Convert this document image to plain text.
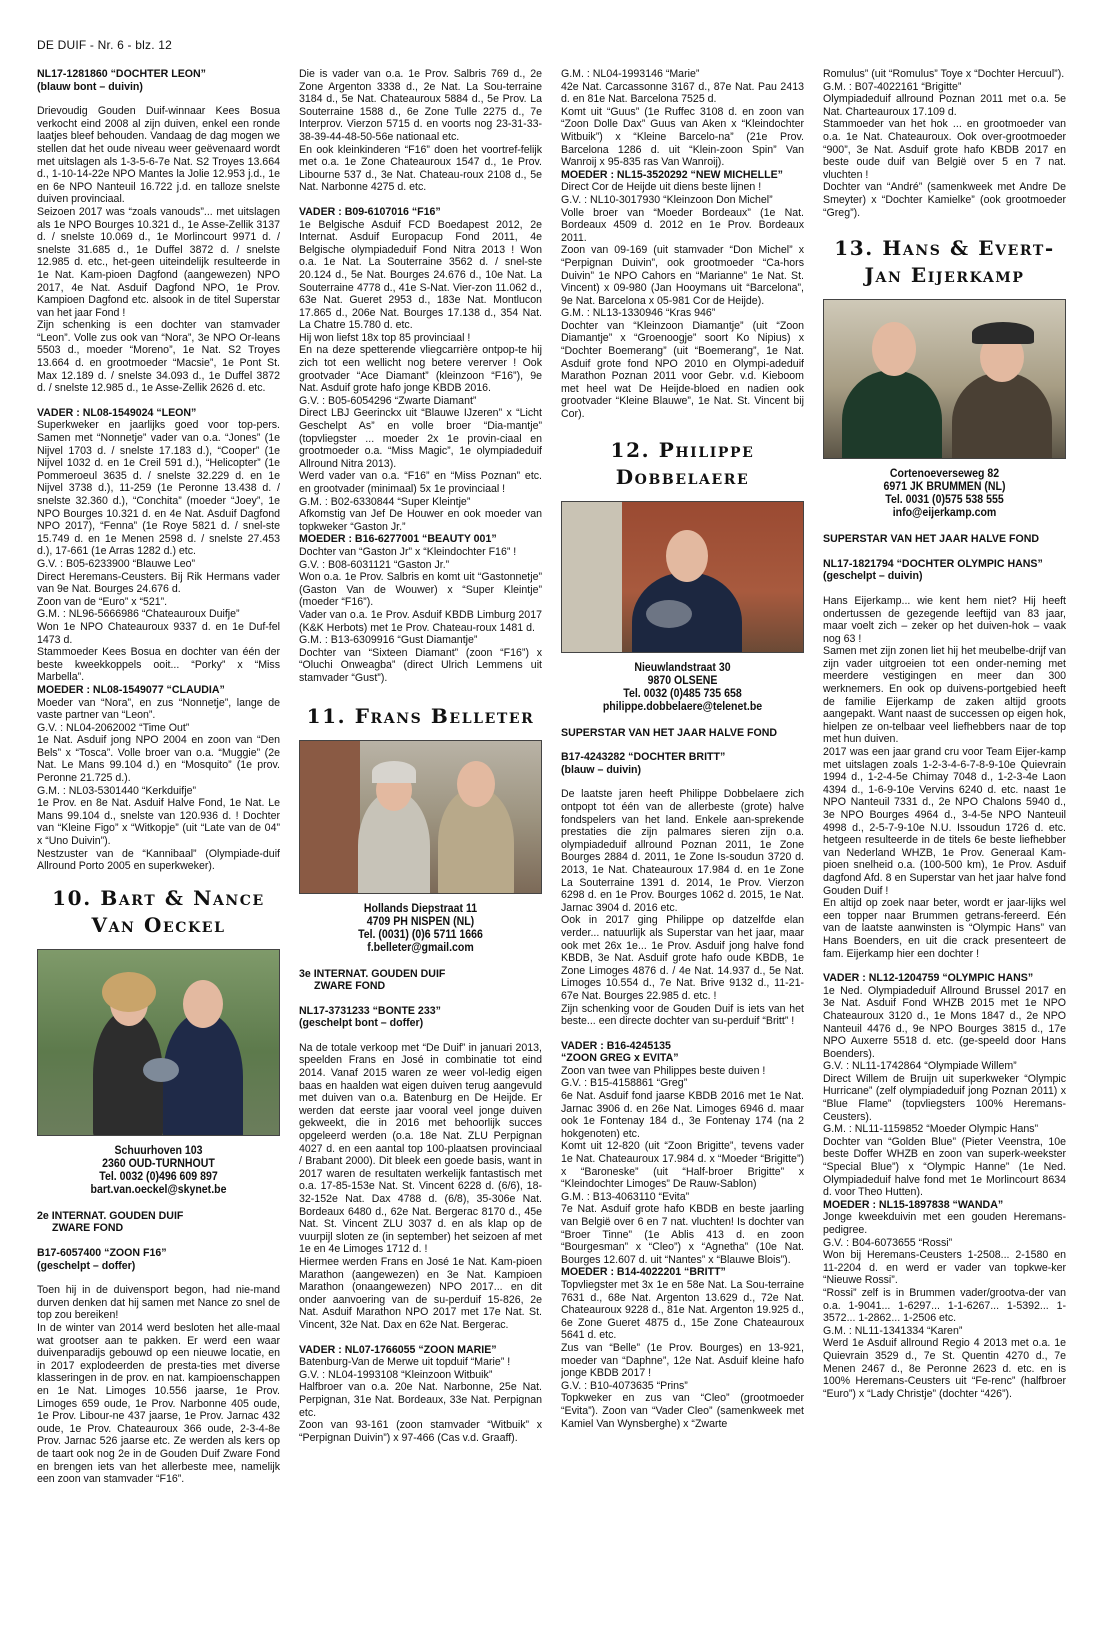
DE DUIF - Nr. 6 - blz. 12

NL17-1281860 “DOCHTER LEON”

(blauw bont – duivin)

Drievoudig Gouden Duif-winnaar Kees Bosua verkocht eind 2008 al zijn duiven, enkel een ronde laatjes bleef behouden. Vandaag de dag mogen we stellen dat het oude niveau weer geëvenaard wordt met uitslagen als 1-3-5-6-7e Nat. S2 Troyes 13.664 d., 1-10-14-22e NPO Mantes la Jolie 12.953 j.d., 1e en 6e NPO Nanteuil 16.722 j.d. en talloze snelste duiven provinciaal.

Seizoen 2017 was “zoals vanouds”... met uitslagen als 1e NPO Bourges 10.321 d., 1e Asse-Zellik 3137 d. / snelste 10.069 d., 1e Morlincourt 9971 d. / snelste 31.685 d., 1e Duffel 3872 d. / snelste 12.985 d. etc., het-geen uiteindelijk resulteerde in 1e Nat. Kam-pioen Dagfond (aangewezen) NPO 2017, 4e Nat. Asduif Dagfond NPO, 1e Prov. Kampioen Dagfond etc. alsook in de titel Superstar van het jaar Fond !

Zijn schenking is een dochter van stamvader “Leon”. Volle zus ook van “Nora”, 3e NPO Or-leans 5503 d., moeder “Moreno”, 1e Nat. S2 Troyes 13.664 d. en grootmoeder “Macsie”, 1e Pont St. Max 12.189 d. / snelste 34.093 d., 1e Duffel 3872 d. / snelste 12.985 d., 1e Asse-Zellik 2626 d. etc.

VADER : NL08-1549024 “LEON”

Superkweker en jaarlijks goed voor top-pers. Samen met “Nonnetje” vader van o.a. “Jones” (1e Nijvel 1703 d. / snelste 17.183 d.), “Cooper” (1e Nijvel 1032 d. en 1e Creil 591 d.), “Helicopter” (1e Pommeroeul 3635 d. / snelste 32.229 d. en 1e Nijvel 3738 d.), 11-259 (1e Peronne 13.438 d. / snelste 32.360 d.), “Conchita” (moeder “Joey”, 1e NPO Bourges 10.321 d. en 4e Nat. Asduif Dagfond NPO 2017), “Fenna” (1e Roye 5821 d. / snel-ste 15.749 d. en 1e Menen 2598 d. / snelste 27.453 d.), 17-661 (1e Arras 1282 d.) etc.

G.V. : B05-6233900 “Blauwe Leo”

Direct Heremans-Ceusters. Bij Rik Hermans vader van 9e Nat. Bourges 24.676 d.

Zoon van de “Euro” x “521”.

G.M. : NL96-5666986 “Chateauroux Duifje”

Won 1e NPO Chateauroux 9337 d. en 1e Duf-fel 1473 d.

Stammoeder Kees Bosua en dochter van één der beste kweekkoppels ooit... “Porky” x “Miss Marbella”.

MOEDER : NL08-1549077 “CLAUDIA”

Moeder van “Nora”, en zus “Nonnetje”, lange de vaste partner van “Leon”.

G.V. : NL04-2062002 “Time Out”

1e Nat. Asduif jong NPO 2004 en zoon van “Den Bels” x “Tosca”. Volle broer van o.a. “Muggie” (2e Nat. Le Mans 99.104 d.) en “Mosquito” (1e prov. Peronne 21.725 d.).

G.M. : NL03-5301440 “Kerkduifje”

1e Prov. en 8e Nat. Asduif Halve Fond, 1e Nat. Le Mans 99.104 d., snelste van 120.936 d. ! Dochter van “Kleine Figo” x “Witkopje” (uit “Late van de 04” x “Uno Duivin”).

Nestzuster van de “Kannibaal” (Olympiade-duif Allround Porto 2005 en superkweker).

10. Bart & Nance
Van Oeckel
Schuurhoven 103
2360 OUD-TURNHOUT
Tel. 0032 (0)496 609 897
bart.van.oeckel@skynet.be

2e INTERNAT. GOUDEN DUIF

ZWARE FOND

B17-6057400 “ZOON F16”

(geschelpt – doffer)

Toen hij in de duivensport begon, had nie-mand durven denken dat hij samen met Nance zo snel de top zou bereiken!

In de winter van 2014 werd besloten het alle-maal wat grootser aan te pakken. Er werd een waar duivenparadijs gebouwd op een nieuwe locatie, en in 2017 explodeerden de presta-ties met diverse klasseringen in de prov. en nat. kampioenschappen en 1e Nat. Limoges 10.556 jaarse, 1e Prov. Limoges 659 oude, 1e Prov. Narbonne 405 oude, 1e Prov. Libour-ne 437 jaarse, 1e Prov. Jarnac 432 oude, 1e Prov. Chateauroux 366 oude, 2-3-4-8e Prov. Jarnac 526 jaarse etc. Ze werden als kers op de taart ook nog 2e in de Gouden Duif Zware Fond en brengen iets van het allerbeste mee, namelijk een zoon van stamvader “F16”.

Die is vader van o.a. 1e Prov. Salbris 769 d., 2e Zone Argenton 3338 d., 2e Nat. La Sou-terraine 3184 d., 5e Nat. Chateauroux 5884 d., 5e Prov. La Souterraine 1588 d., 6e Zone Tulle 2275 d., 7e Interprov. Vierzon 5715 d. en voorts nog 23-31-33-38-39-44-48-50-56e nationaal etc.

En ook kleinkinderen “F16” doen het voortref-felijk met o.a. 1e Zone Chateauroux 1547 d., 1e Prov. Libourne 537 d., 3e Nat. Chateau-roux 2108 d., 5e Nat. Narbonne 4275 d. etc.

VADER : B09-6107016 “F16”

1e Belgische Asduif FCD Boedapest 2012, 2e Internat. Asduif Europacup Fond 2011, 4e Belgische olympiadeduif Fond Nitra 2013 ! Won o.a. 1e Nat. La Souterraine 3562 d. / snel-ste 20.124 d., 5e Nat. Bourges 24.676 d., 10e Nat. La Souterraine 4778 d., 41e S-Nat. Vier-zon 11.062 d., 63e Nat. Gueret 2953 d., 183e Nat. Montlucon 17.865 d., 206e Nat. Bourges 17.138 d., 354 Nat. La Chatre 15.780 d. etc.

Hij won liefst 18x top 85 provinciaal !

En na deze spetterende vliegcarrière ontpop-te hij zich tot een wellicht nog betere vererver ! Ook grootvader “Ace Diamant” (kleinzoon “F16”), 9e Nat. Asduif grote hafo jonge KBDB 2016.

G.V. : B05-6054296 “Zwarte Diamant”

Direct LBJ Geerinckx uit “Blauwe IJzeren” x “Licht Geschelpt As” en volle broer “Dia-mantje” (topvliegster ... moeder 2x 1e provin-ciaal en grootmoeder o.a. “Miss Magic”, 1e olympiadeduif Allround Nitra 2013).

Werd vader van o.a. “F16” en “Miss Poznan” etc. en grootvader (minimaal) 5x 1e provinciaal !

G.M. : B02-6330844 “Super Kleintje”

Afkomstig van Jef De Houwer en ook moeder van topkweker “Gaston Jr.”

MOEDER : B16-6277001 “BEAUTY 001”

Dochter van “Gaston Jr” x “Kleindochter F16” !

G.V. : B08-6031121 “Gaston Jr.”

Won o.a. 1e Prov. Salbris en komt uit “Gastonnetje” (Gaston Van de Wouwer) x “Super Kleintje” (moeder “F16”).

Vader van o.a. 1e Prov. Asduif KBDB Limburg 2017 (K&K Herbots) met 1e Prov. Chateau-roux 1481 d.

G.M. : B13-6309916 “Gust Diamantje”

Dochter van “Sixteen Diamant” (zoon “F16”) x “Oluchi Onweagba” (direct Ulrich Lemmens uit stamvader “Gust”).

11. Frans Belleter
Hollands Diepstraat 11
4709 PH NISPEN (NL)
Tel. (0031) (0)6 5711 1666
f.belleter@gmail.com

3e INTERNAT. GOUDEN DUIF

ZWARE FOND

NL17-3731233 “BONTE 233”

(geschelpt bont – doffer)

Na de totale verkoop met “De Duif” in januari 2013, speelden Frans en José in combinatie tot eind 2014. Vanaf 2015 waren ze weer vol-ledig eigen baas en haalden wat eigen duiven terug aangevuld met duiven van o.a. Batenburg en De Heijde. Er werden dat eerste jaar vooral veel jonge duiven gekweekt, die in 2016 met behoorlijk succes opgeleerd werden (o.a. 18e Nat. ZLU Perpignan 4027 d. en een aantal top 100-plaatsen provinciaal / Brabant 2000). Dit bleek een goede basis, want in 2017 waren de resultaten werkelijk fantastisch met o.a. 17-85-153e Nat. St. Vincent 6228 d. (6/6), 18-32-152e Nat. Dax 4788 d. (6/8), 35-306e Nat. Bordeaux 6480 d., 62e Nat. Bergerac 8170 d., 45e Nat. St. Vincent ZLU 3037 d. en als klap op de vuurpijl sloten ze (in september) het seizoen af met 1e en 4e Limoges 1712 d. !

Hiermee werden Frans en José 1e Nat. Kam-pioen Marathon (aangewezen) en 3e Nat. Kampioen Marathon (onaangewezen) NPO 2017... en dit onder aanvoering van de su-perduif 15-826, 2e Nat. Asduif Marathon NPO 2017 met 17e Nat. St. Vincent, 32e Nat. Dax en 62e Nat. Bergerac.

VADER : NL07-1766055 “ZOON MARIE”

Batenburg-Van de Merwe uit topduif “Marie” !

G.V. : NL04-1993108 “Kleinzoon Witbuik”

Halfbroer van o.a. 20e Nat. Narbonne, 25e Nat. Perpignan, 31e Nat. Bordeaux, 33e Nat. Perpignan etc.

Zoon van 93-161 (zoon stamvader “Witbuik” x “Perpignan Duivin”) x 97-466 (Cas v.d. Graaff).

G.M. : NL04-1993146 “Marie”

42e Nat. Carcassonne 3167 d., 87e Nat. Pau 2413 d. en 81e Nat. Barcelona 7525 d.

Komt uit “Guus” (1e Ruffec 3108 d. en zoon van “Zoon Dolle Dax” Guus van Aken x “Kleindochter Witbuik”) x “Kleine Barcelo-na” (21e Prov. Barcelona 1286 d. uit “Klein-zoon Spin” Van Wanroij x 95-835 ras Van Wanroij).

MOEDER : NL15-3520292 “NEW MICHELLE”

Direct Cor de Heijde uit diens beste lijnen !

G.V. : NL10-3017930 “Kleinzoon Don Michel”

Volle broer van “Moeder Bordeaux” (1e Nat. Bordeaux 4509 d. 2012 en 1e Prov. Bordeaux 2011.

Zoon van 09-169 (uit stamvader “Don Michel” x “Perpignan Duivin”, ook grootmoeder “Ca-hors Duivin” 1e NPO Cahors en “Marianne” 1e Nat. St. Vincent) x 09-980 (Jan Hooymans uit “Barcelona”, 9e Nat. Barcelona x 05-981 Cor de Heijde).

G.M. : NL13-1330946 “Kras 946”

Dochter van “Kleinzoon Diamantje” (uit “Zoon Diamantje” x “Groenoogje” soort Ko Nipius) x “Dochter Boemerang” (uit “Boemerang”, 1e Nat. Asduif grote fond NPO 2010 en Olympi-adeduif Marathon Poznan 2011 voor Gebr. v.d. Kieboom met heel wat De Heijde-bloed en nadien ook grootvader “Kleine Blauwe”, 1e Nat. St. Vincent bij Cor).

12. Philippe
Dobbelaere
Nieuwlandstraat 30
9870 OLSENE
Tel. 0032 (0)485 735 658
philippe.dobbelaere@telenet.be

SUPERSTAR VAN HET JAAR HALVE FOND

B17-4243282 “DOCHTER BRITT”

(blauw – duivin)

De laatste jaren heeft Philippe Dobbelaere zich ontpopt tot één van de allerbeste (grote) halve fondspelers van het land. Enkele aan-sprekende prestaties die zijn palmares sieren zijn o.a. olympiadeduif allround Poznan 2011, 1e Zone Bourges 2884 d. 2011, 1e Zone Is-soudun 3720 d. 2013, 1e Nat. Chateauroux 17.984 d. en 1e Zone La Souterraine 1391 d. 2014, 1e Prov. Vierzon 6298 d. en 1e Prov. Bourges 1062 d. 2015, 1e Nat. Jarnac 3904 d. 2016 etc.

Ook in 2017 ging Philippe op datzelfde elan verder... natuurlijk als Superstar van het jaar, maar ook met 26x 1e... 1e Prov. Asduif jong halve fond KBDB, 3e Nat. Asduif grote hafo oude KBDB, 1e Zone Limoges 4876 d. / 4e Nat. 14.937 d., 5e Nat. Limoges 10.554 d., 7e Nat. Brive 9132 d., 11-21-67e Nat. Bourges 22.985 d. etc. !

Zijn schenking voor de Gouden Duif is iets van het beste... een directe dochter van su-perduif “Britt” !

VADER : B16-4245135

“ZOON GREG x EVITA”

Zoon van twee van Philippes beste duiven !

G.V. : B15-4158861 “Greg”

6e Nat. Asduif fond jaarse KBDB 2016 met 1e Nat. Jarnac 3906 d. en 26e Nat. Limoges 6946 d. maar ook 1e Fontenay 184 d., 3e Fontenay 174 (na 2 hokgenoten) etc.

Komt uit 12-820 (uit “Zoon Brigitte”, tevens vader 1e Nat. Chateauroux 17.984 d. x “Moeder “Brigitte”) x “Baroneske” (uit “Half-broer Brigitte” x “Kleindochter Limoges” De Rauw-Sablon)

G.M. : B13-4063110 “Evita”

7e Nat. Asduif grote hafo KBDB en beste jaarling van België over 6 en 7 nat. vluchten! Is dochter van “Broer Tinne” (1e Ablis 413 d. en zoon “Bourgesman” x “Cleo”) x “Agnetha” (10e Nat. Bourges 12.607 d. uit “Nantes” x “Blauwe Blois”).

MOEDER : B14-4022201 “BRITT”

Topvliegster met 3x 1e en 58e Nat. La Sou-terraine 7631 d., 68e Nat. Argenton 13.629 d., 72e Nat. Chateauroux 9228 d., 81e Nat. Argenton 19.925 d., 6e Zone Gueret 4875 d., 15e Zone Chateauroux 5641 d. etc.

Zus van “Belle” (1e Prov. Bourges) en 13-921, moeder van “Daphne”, 12e Nat. Asduif kleine hafo jonge KBDB 2017 !

G.V. : B10-4073635 “Prins”

Topkweker en zus van “Cleo” (grootmoeder “Evita”). Zoon van “Vader Cleo” (samenkweek met Kamiel Van Wynsberghe) x “Zwarte

Romulus” (uit “Romulus” Toye x “Dochter Hercuul”).

G.M. : B07-4022161 “Brigitte”

Olympiadeduif allround Poznan 2011 met o.a. 5e Nat. Charteauroux 17.109 d.

Stammoeder van het hok ... en grootmoeder van o.a. 1e Nat. Chateauroux. Ook over-grootmoeder “900”, 3e Nat. Asduif grote hafo KBDB 2017 en beste oude duif van België over 5 en 7 nat. vluchten !

Dochter van “André” (samenkweek met Andre De Smeyter) x “Dochter Kamielke” (ook grootmoeder “Greg”).

13. Hans & Evert-
Jan Eijerkamp
Cortenoeverseweg 82
6971 JK BRUMMEN (NL)
Tel. 0031 (0)575 538 555
info@eijerkamp.com

SUPERSTAR VAN HET JAAR HALVE FOND

NL17-1821794 “DOCHTER OLYMPIC HANS”

(geschelpt – duivin)

Hans Eijerkamp... wie kent hem niet? Hij heeft ondertussen de gezegende leeftijd van 83 jaar, maar voelt zich – zeker op het duiven-hok – vaak nog 63 !

Samen met zijn zonen liet hij het meubelbe-drijf van zijn vader uitgroeien tot een onder-neming met meerdere vestigingen en meer dan 300 werknemers. En ook op duivens-portgebied heeft de familie Eijerkamp de zaken altijd groots aangepakt. Want naast de successen op eigen hok, hielpen ze on-telbaar veel liefhebbers naar de top met hun duiven.

2017 was een jaar grand cru voor Team Eijer-kamp met uitslagen zoals 1-2-3-4-6-7-8-9-10e Quievrain 1994 d., 1-2-4-5e Chimay 7048 d., 1-2-3-4e Laon 4394 d., 1-6-9-10e Vervins 6240 d. etc. naast 1e NPO Nanteuil 7331 d., 2e NPO Chalons 5940 d., 3e NPO Bourges 4964 d., 3-4-5e NPO Nanteuil 4998 d., 2-5-7-9-10e N.U. Issoudun 1726 d. etc. hetgeen resulteerde in de titels 6e beste liefhebber van Nederland WHZB, 1e Prov. Generaal Kam-pioen snelheid o.a. (100-500 km), 1e Prov. Asduif dagfond Afd. 8 en Superstar van het jaar halve fond Gouden Duif !

En altijd op zoek naar beter, wordt er jaar-lijks wel een topper naar Brummen getrans-fereerd. Eén van de laatste aanwinsten is “Olympic Hans” van Hans Boenders, en uit die crack presenteert de fam. Eijerkamp hier een dochter !

VADER : NL12-1204759 “OLYMPIC HANS”

1e Ned. Olympiadeduif Allround Brussel 2017 en 3e Nat. Asduif Fond WHZB 2015 met 1e NPO Chateauroux 3120 d., 1e Mons 1847 d., 2e NPO Nanteuil 4476 d., 9e NPO Bourges 3815 d., 17e NPO Auxerre 5518 d. etc. (ge-speeld door Hans Boenders).

G.V. : NL11-1742864 “Olympiade Willem”

Direct Willem de Bruijn uit superkweker “Olympic Hurricane” (zelf olympiadeduif jong Poznan 2011) x “Blue Flame” (topvliegsters 100% Heremans-Ceusters).

G.M. : NL11-1159852 “Moeder Olympic Hans”

Dochter van “Golden Blue” (Pieter Veenstra, 10e beste Doffer WHZB en zoon van superk-weekster “Special Blue”) x “Olympic Hanne” (1e Ned. Olympiadeduif halve fond met 1e Morlincourt 8634 d. voor Theo Hutten).

MOEDER : NL15-1897838 “WANDA”

Jonge kweekduivin met een gouden Heremans-pedigree.

G.V. : B04-6073655 “Rossi”

Won bij Heremans-Ceusters 1-2508... 2-1580 en 11-2204 d. en werd er vader van topkwe-ker “Nieuwe Rossi”.

“Rossi” zelf is in Brummen vader/grootva-der van o.a. 1-9041... 1-6297... 1-1-6267... 1-5392... 1-3572... 1-2862... 1-2506 etc.

G.M. : NL11-1341334 “Karen”

Werd 1e Asduif allround Regio 4 2013 met o.a. 1e Quievrain 3529 d., 7e St. Quentin 4270 d., 7e Menen 2467 d., 8e Peronne 2623 d. etc. en is 100% Heremans-Ceusters uit “Fe-renc” (halfbroer “Euro”) x “Lady Christje” (dochter “426”).
